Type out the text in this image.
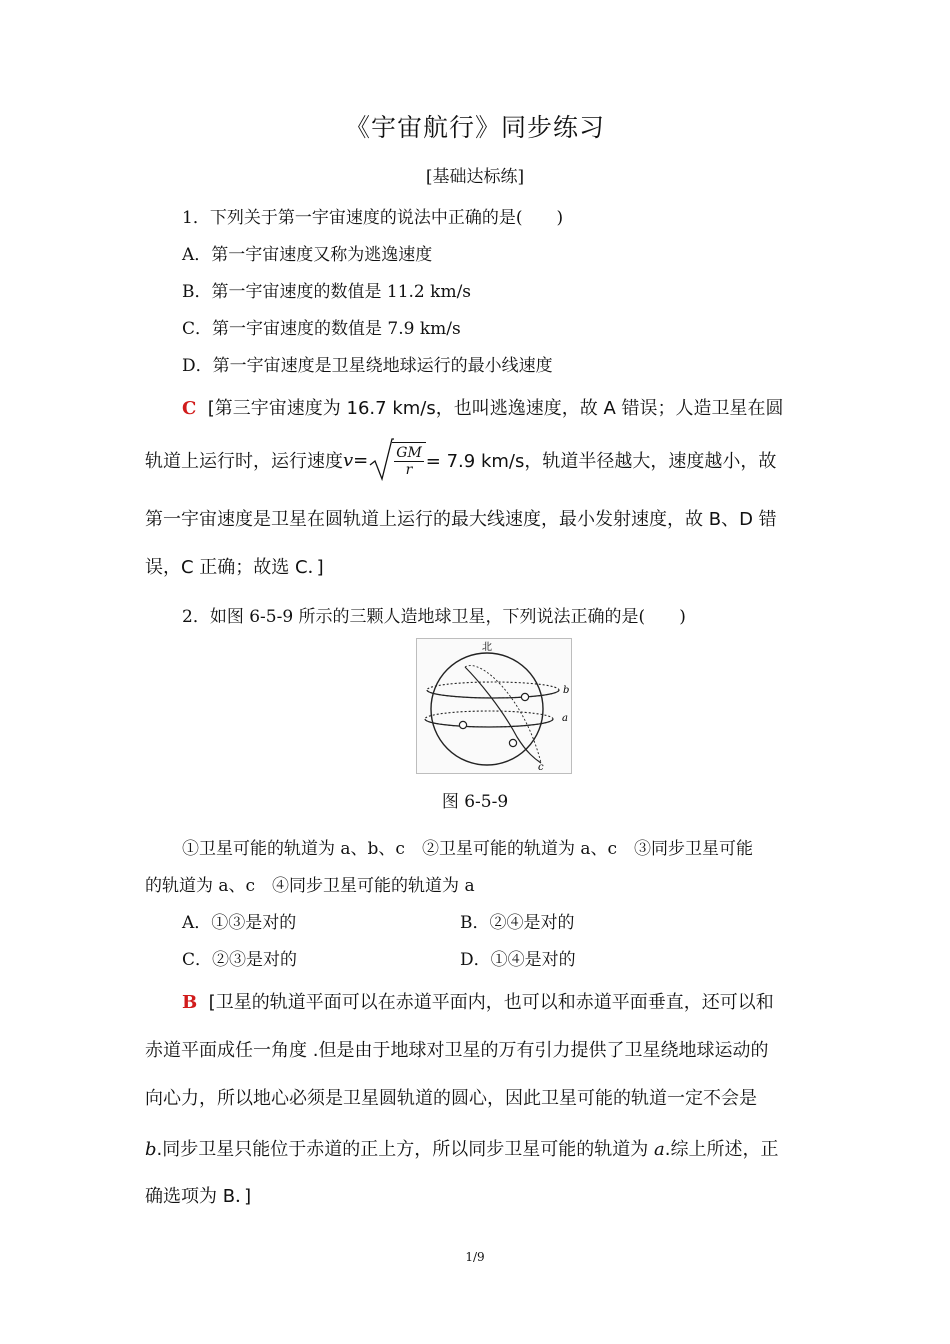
《宇宙航行》同步练习
[基础达标练]
1．下列关于第一宇宙速度的说法中正确的是(　　)
A．第一宇宙速度又称为逃逸速度
B．第一宇宙速度的数值是 11.2 km/s
C．第一宇宙速度的数值是 7.9 km/s
D．第一宇宙速度是卫星绕地球运行的最小线速度
C [第三宇宙速度为 16.7 km/s，也叫逃逸速度，故 A 错误；人造卫星在圆
轨道上运行时，运行速度 $v = \frac{GM}{r} = 7.9$ km/s，轨道半径越大，速度越小，故
第一宇宙速度是卫星在圆轨道上运行的最大线速度，最小发射速度，故 B、D 错
误，C 正确；故选 C．]
2．如图 6-5-9 所示的三颗人造地球卫星，下列说法正确的是(　　)
北
b
a
c
图 6-5-9
①卫星可能的轨道为 a、b、c　②卫星可能的轨道为 a、c　③同步卫星可能
的轨道为 a、c　④同步卫星可能的轨道为 a
A．①③是对的	B．②④是对的
C．②③是对的	D．①④是对的
B [卫星的轨道平面可以在赤道平面内，也可以和赤道平面垂直，还可以和
赤道平面成任一角度 .但是由于地球对卫星的万有引力提供了卫星绕地球运动的
向心力，所以地心必须是卫星圆轨道的圆心，因此卫星可能的轨道一定不会是
b.同步卫星只能位于赤道的正上方，所以同步卫星可能的轨道为 a.综上所述，正
确选项为 B．]
1/9
